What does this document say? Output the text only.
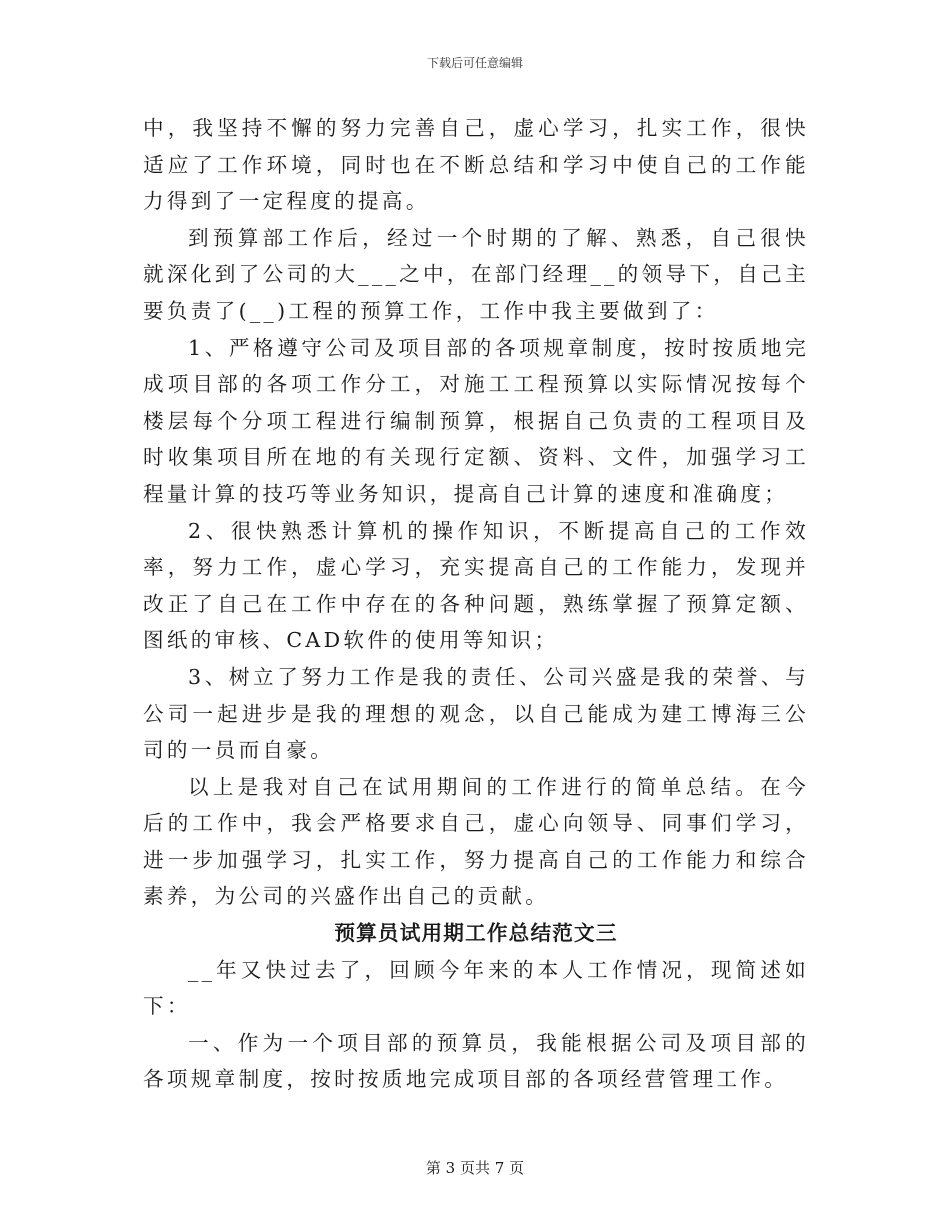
下载后可任意编辑

中，我坚持不懈的努力完善自己，虚心学习，扎实工作，很快适应了工作环境，同时也在不断总结和学习中使自己的工作能力得到了一定程度的提高。

到预算部工作后，经过一个时期的了解、熟悉，自己很快就深化到了公司的大___之中，在部门经理__的领导下，自己主要负责了(__)工程的预算工作，工作中我主要做到了：

1、严格遵守公司及项目部的各项规章制度，按时按质地完成项目部的各项工作分工，对施工工程预算以实际情况按每个楼层每个分项工程进行编制预算，根据自己负责的工程项目及时收集项目所在地的有关现行定额、资料、文件，加强学习工程量计算的技巧等业务知识，提高自己计算的速度和准确度；

2、很快熟悉计算机的操作知识，不断提高自己的工作效率，努力工作，虚心学习，充实提高自己的工作能力，发现并改正了自己在工作中存在的各种问题，熟练掌握了预算定额、图纸的审核、CAD软件的使用等知识；

3、树立了努力工作是我的责任、公司兴盛是我的荣誉、与公司一起进步是我的理想的观念，以自己能成为建工博海三公司的一员而自豪。

以上是我对自己在试用期间的工作进行的简单总结。在今后的工作中，我会严格要求自己，虚心向领导、同事们学习，进一步加强学习，扎实工作，努力提高自己的工作能力和综合素养，为公司的兴盛作出自己的贡献。

预算员试用期工作总结范文三

__年又快过去了，回顾今年来的本人工作情况，现简述如下：

一、作为一个项目部的预算员，我能根据公司及项目部的各项规章制度，按时按质地完成项目部的各项经营管理工作。

第 3 页共 7 页
